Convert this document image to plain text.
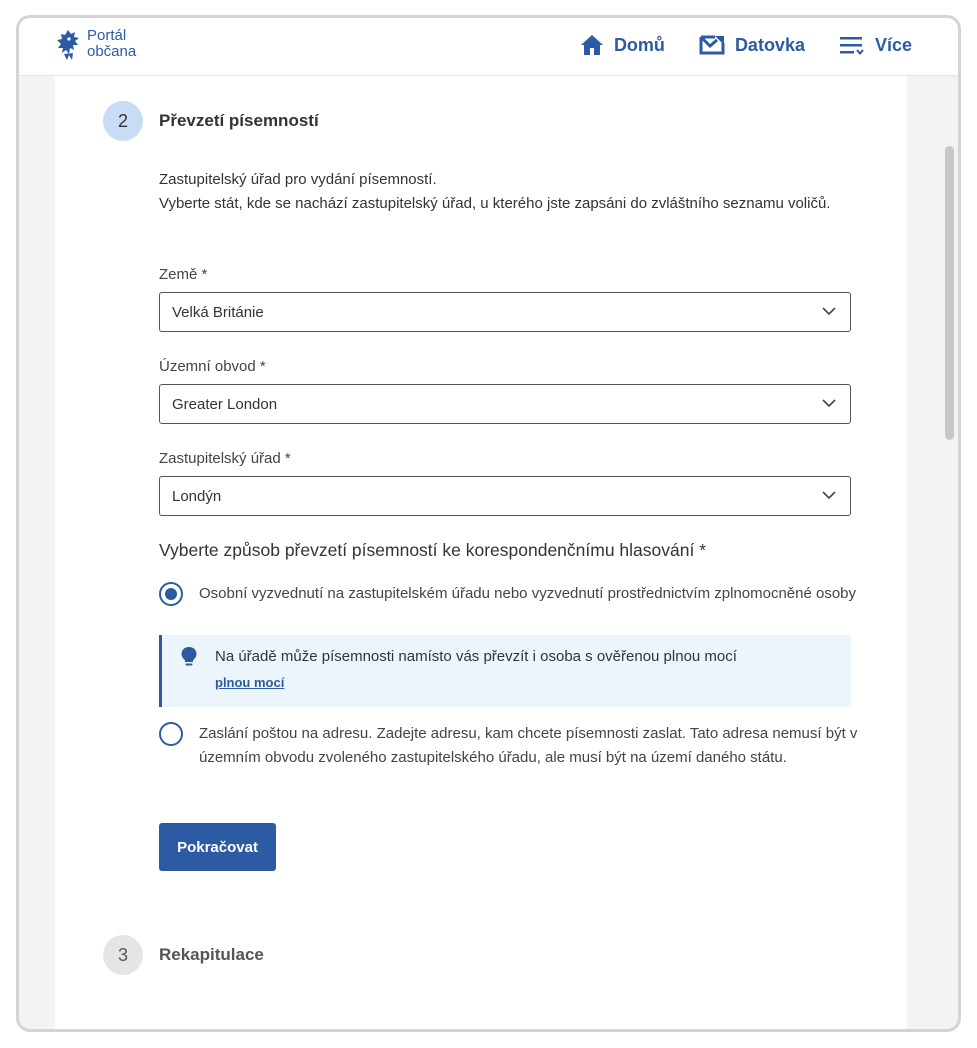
Portál
občana	Domů	Datovka	Více
2	Převzetí písemností
Zastupitelský úřad pro vydání písemností.
Vyberte stát, kde se nachází zastupitelský úřad, u kterého jste zapsáni do zvláštního seznamu voličů.
Země *
Velká Británie
Územní obvod *
Greater London
Zastupitelský úřad *
Londýn
Vyberte způsob převzetí písemností ke korespondenčnímu hlasování *
Osobní vyzvednutí na zastupitelském úřadu nebo vyzvednutí prostřednictvím zplnomocněné osoby
Na úřadě může písemnosti namísto vás převzít i osoba s ověřenou plnou mocí
plnou mocí
Zaslání poštou na adresu. Zadejte adresu, kam chcete písemnosti zaslat. Tato adresa nemusí být v územním obvodu zvoleného zastupitelského úřadu, ale musí být na území daného státu.
Pokračovat
3	Rekapitulace
